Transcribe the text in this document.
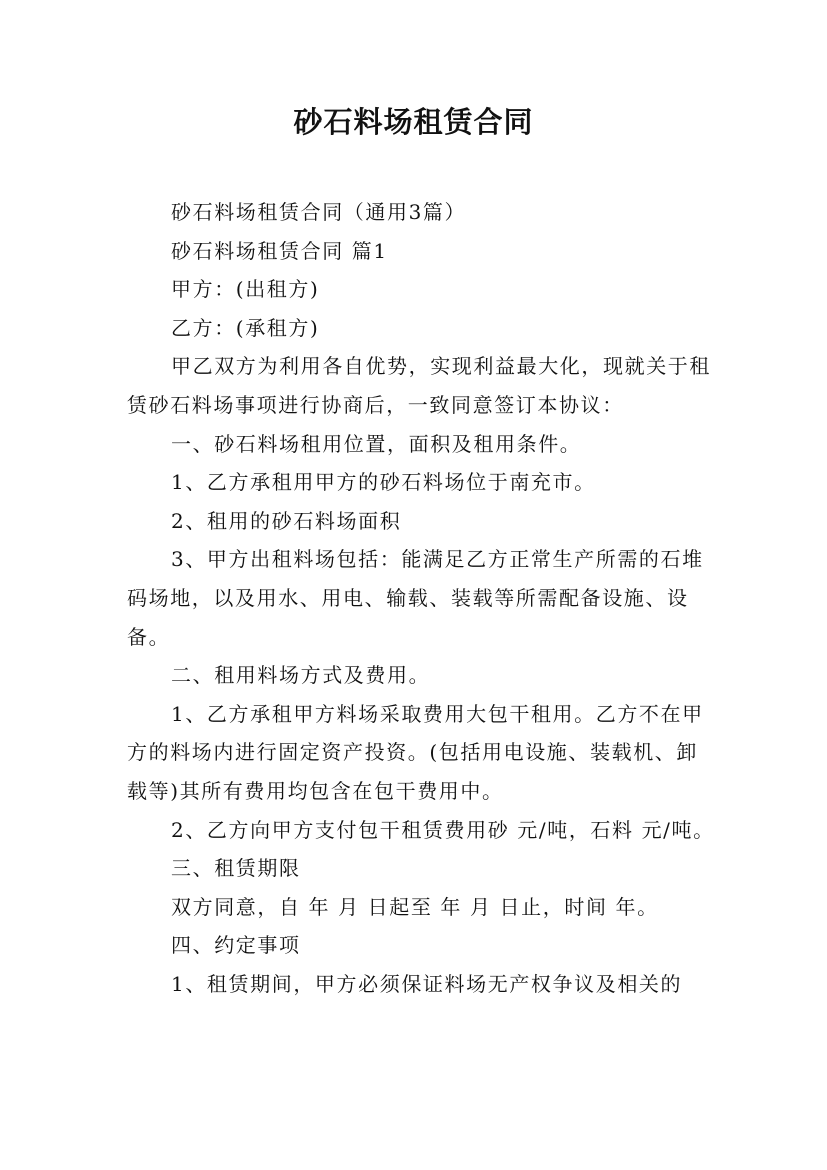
砂石料场租赁合同

砂石料场租赁合同（通用3篇）

砂石料场租赁合同 篇1

甲方：(出租方)

乙方：(承租方)

甲乙双方为利用各自优势，实现利益最大化，现就关于租赁砂石料场事项进行协商后，一致同意签订本协议：

一、砂石料场租用位置，面积及租用条件。

1、乙方承租用甲方的砂石料场位于南充市。

2、租用的砂石料场面积

3、甲方出租料场包括：能满足乙方正常生产所需的石堆码场地，以及用水、用电、输载、装载等所需配备设施、设备。

二、租用料场方式及费用。

1、乙方承租甲方料场采取费用大包干租用。乙方不在甲方的料场内进行固定资产投资。(包括用电设施、装载机、卸载等)其所有费用均包含在包干费用中。

2、乙方向甲方支付包干租赁费用砂 元/吨，石料 元/吨。

三、租赁期限

双方同意，自 年 月 日起至 年 月 日止，时间 年。

四、约定事项

1、租赁期间，甲方必须保证料场无产权争议及相关的
